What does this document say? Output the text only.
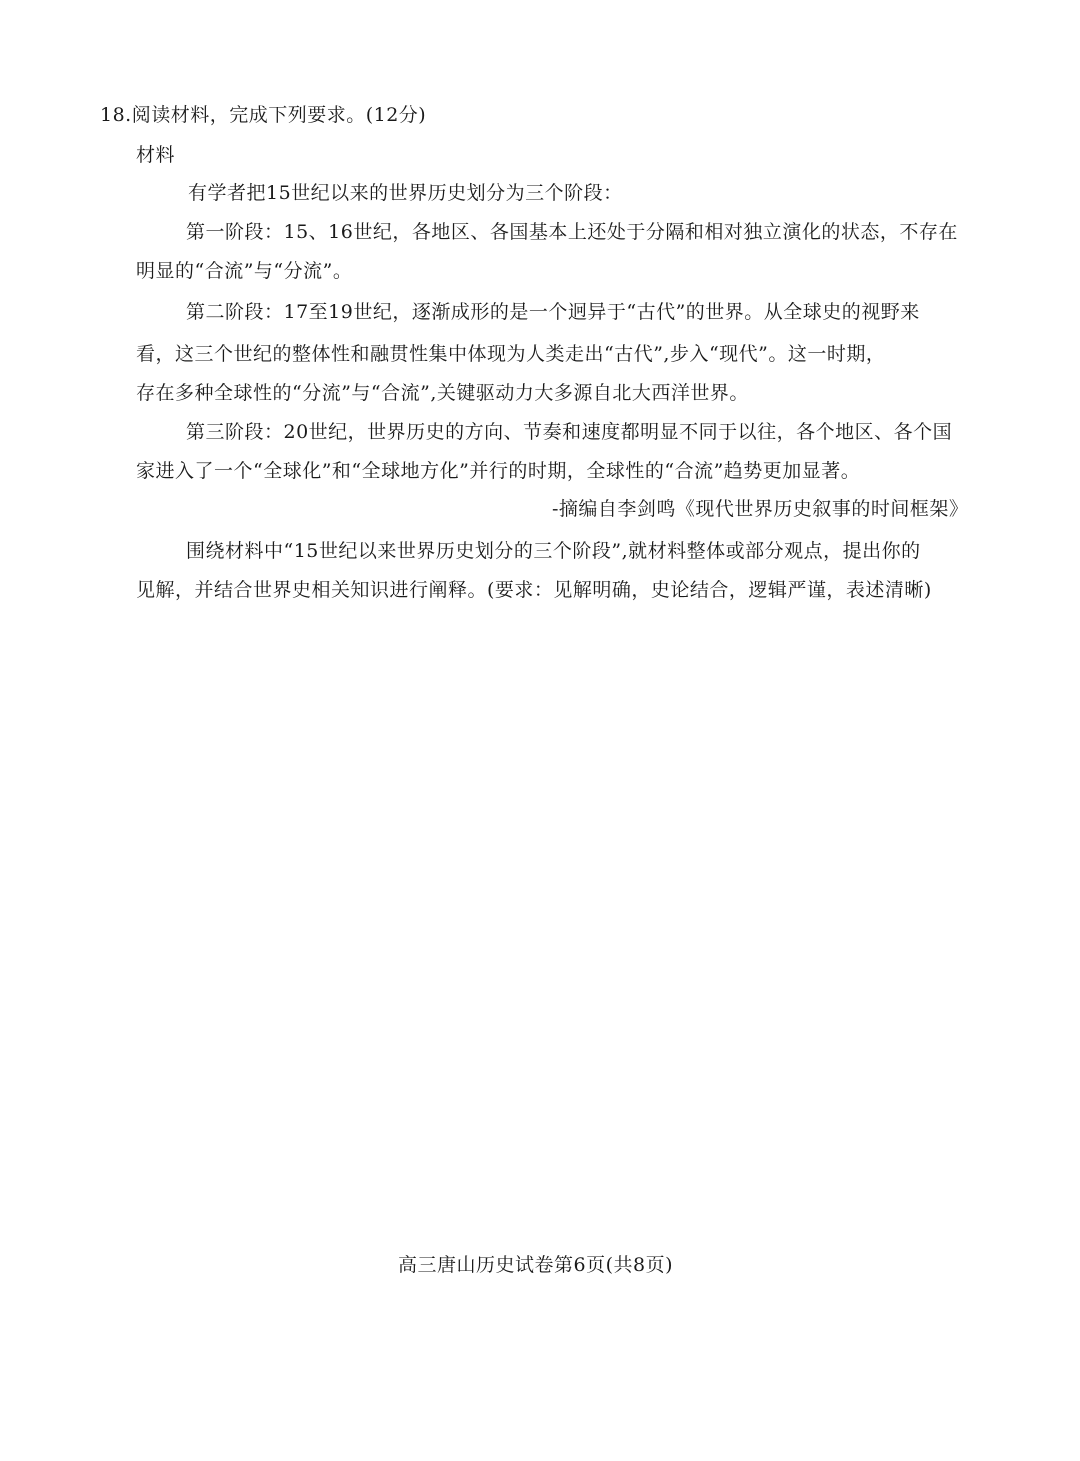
18.阅读材料，完成下列要求。(12分)
材料
有学者把15世纪以来的世界历史划分为三个阶段：
第一阶段：15、16世纪，各地区、各国基本上还处于分隔和相对独立演化的状态，不存在
明显的“合流”与“分流”。
第二阶段：17至19世纪，逐渐成形的是一个迥异于“古代”的世界。从全球史的视野来
看，这三个世纪的整体性和融贯性集中体现为人类走出“古代”,步入“现代”。这一时期，
存在多种全球性的“分流”与“合流”,关键驱动力大多源自北大西洋世界。
第三阶段：20世纪，世界历史的方向、节奏和速度都明显不同于以往，各个地区、各个国
家进入了一个“全球化”和“全球地方化”并行的时期，全球性的“合流”趋势更加显著。
-摘编自李剑鸣《现代世界历史叙事的时间框架》
围绕材料中“15世纪以来世界历史划分的三个阶段”,就材料整体或部分观点，提出你的
见解，并结合世界史相关知识进行阐释。(要求：见解明确，史论结合，逻辑严谨，表述清晰)
高三唐山历史试卷第6页(共8页)
